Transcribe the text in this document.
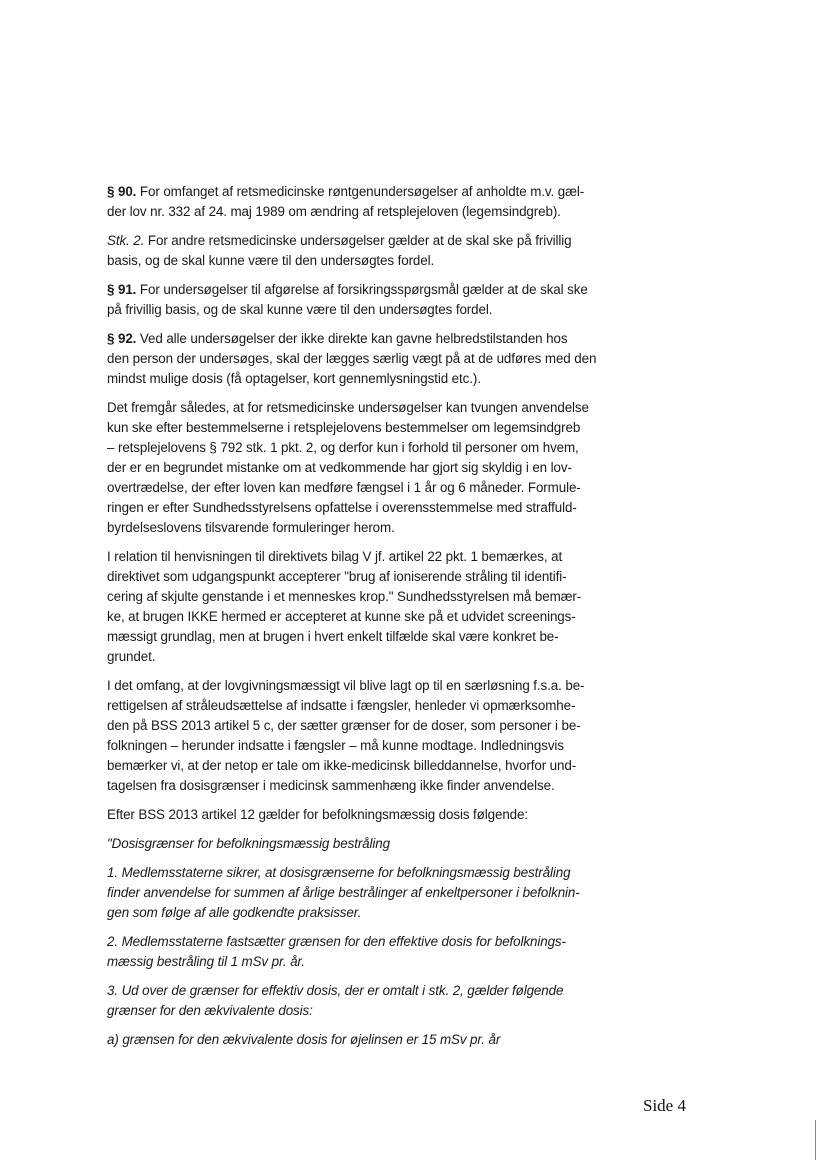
§ 90. For omfanget af retsmedicinske røntgenundersøgelser af anholdte m.v. gæl-
der lov nr. 332 af 24. maj 1989 om ændring af retsplejeloven (legemsindgreb).

Stk. 2. For andre retsmedicinske undersøgelser gælder at de skal ske på frivillig
basis, og de skal kunne være til den undersøgtes fordel.

§ 91. For undersøgelser til afgørelse af forsikringsspørgsmål gælder at de skal ske
på frivillig basis, og de skal kunne være til den undersøgtes fordel.

§ 92. Ved alle undersøgelser der ikke direkte kan gavne helbredstilstanden hos
den person der undersøges, skal der lægges særlig vægt på at de udføres med den
mindst mulige dosis (få optagelser, kort gennemlysningstid etc.).

Det fremgår således, at for retsmedicinske undersøgelser kan tvungen anvendelse
kun ske efter bestemmelserne i retsplejelovens bestemmelser om legemsindgreb
– retsplejelovens § 792 stk. 1 pkt. 2, og derfor kun i forhold til personer om hvem,
der er en begrundet mistanke om at vedkommende har gjort sig skyldig i en lov-
overtrædelse, der efter loven kan medføre fængsel i 1 år og 6 måneder. Formule-
ringen er efter Sundhedsstyrelsens opfattelse i overensstemmelse med straffuld-
byrdelseslovens tilsvarende formuleringer herom.

I relation til henvisningen til direktivets bilag V jf. artikel 22 pkt. 1 bemærkes, at
direktivet som udgangspunkt accepterer "brug af ioniserende stråling til identifi-
cering af skjulte genstande i et menneskes krop." Sundhedsstyrelsen må bemær-
ke, at brugen IKKE hermed er accepteret at kunne ske på et udvidet screenings-
mæssigt grundlag, men at brugen i hvert enkelt tilfælde skal være konkret be-
grundet.

I det omfang, at der lovgivningsmæssigt vil blive lagt op til en særløsning f.s.a. be-
rettigelsen af stråleudsættelse af indsatte i fængsler, henleder vi opmærksomhe-
den på BSS 2013 artikel 5 c, der sætter grænser for de doser, som personer i be-
folkningen – herunder indsatte i fængsler – må kunne modtage. Indledningsvis
bemærker vi, at der netop er tale om ikke-medicinsk billeddannelse, hvorfor und-
tagelsen fra dosisgrænser i medicinsk sammenhæng ikke finder anvendelse.

Efter BSS 2013 artikel 12 gælder for befolkningsmæssig dosis følgende:

"Dosisgrænser for befolkningsmæssig bestråling

1. Medlemsstaterne sikrer, at dosisgrænserne for befolkningsmæssig bestråling
finder anvendelse for summen af årlige bestrålinger af enkeltpersoner i befolknin-
gen som følge af alle godkendte praksisser.

2. Medlemsstaterne fastsætter grænsen for den effektive dosis for befolknings-
mæssig bestråling til 1 mSv pr. år.

3. Ud over de grænser for effektiv dosis, der er omtalt i stk. 2, gælder følgende
grænser for den ækvivalente dosis:

a) grænsen for den ækvivalente dosis for øjelinsen er 15 mSv pr. år

Side 4
